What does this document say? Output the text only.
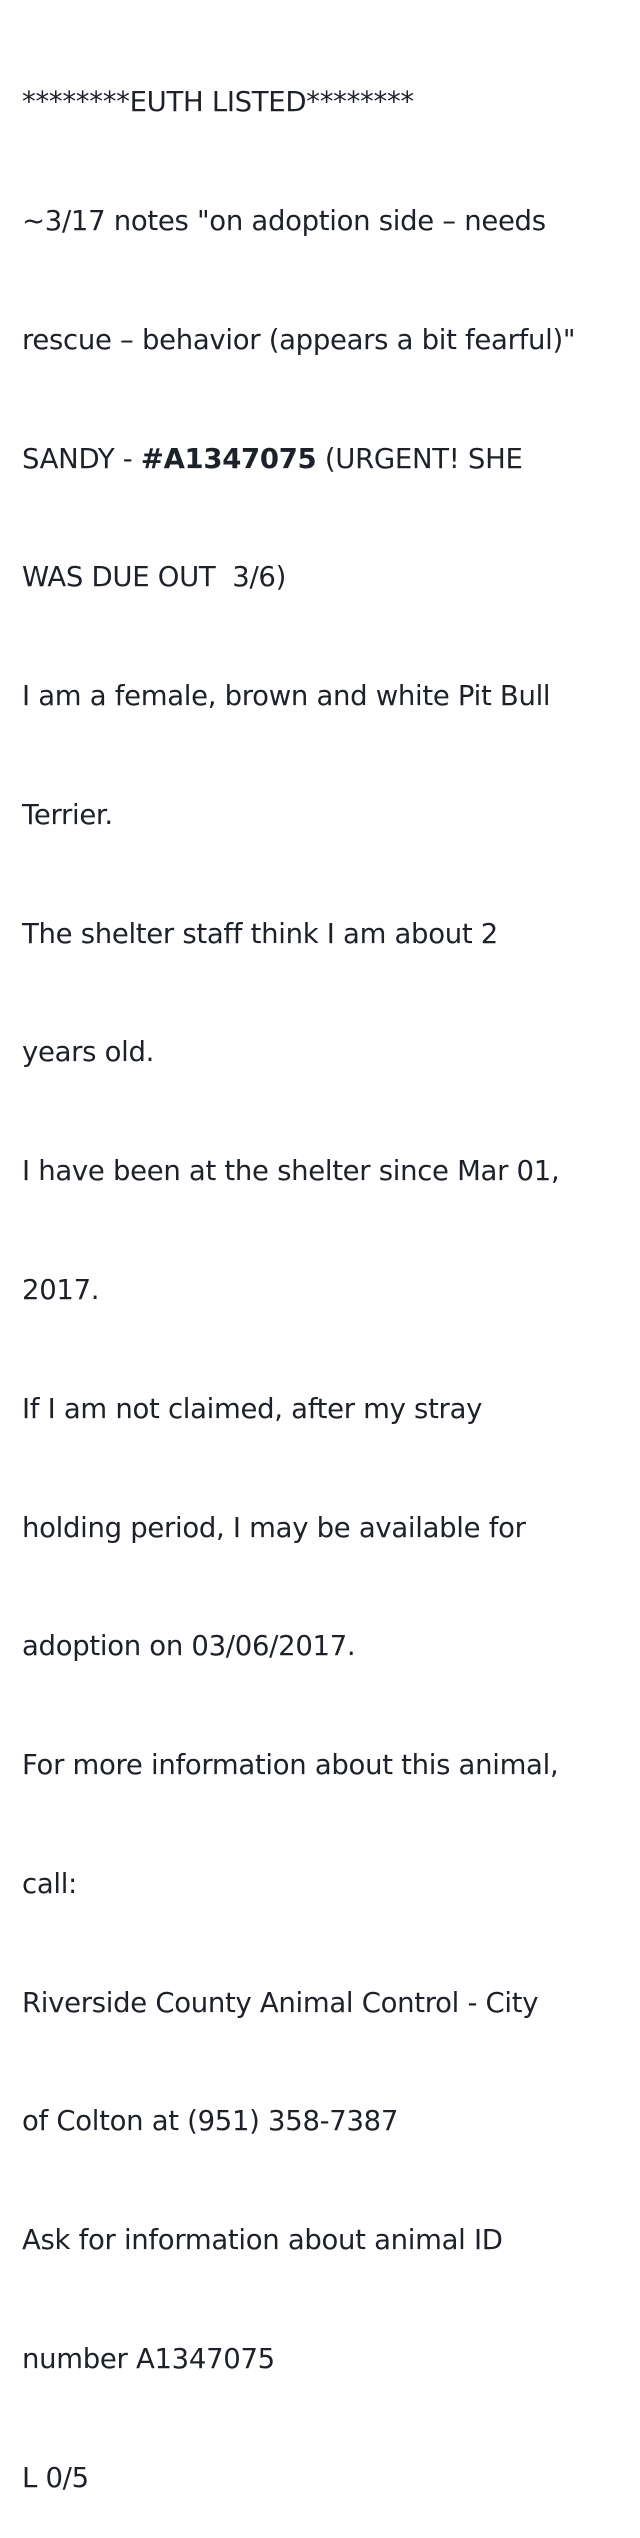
********EUTH LISTED********

~3/17 notes "on adoption side – needs

rescue – behavior (appears a bit fearful)"

SANDY - #A1347075 (URGENT! SHE

WAS DUE OUT  3/6)

I am a female, brown and white Pit Bull

Terrier.

The shelter staff think I am about 2

years old.

I have been at the shelter since Mar 01,

2017.

If I am not claimed, after my stray

holding period, I may be available for

adoption on 03/06/2017.

For more information about this animal,

call:

Riverside County Animal Control - City

of Colton at (951) 358-7387

Ask for information about animal ID

number A1347075

L 0/5
